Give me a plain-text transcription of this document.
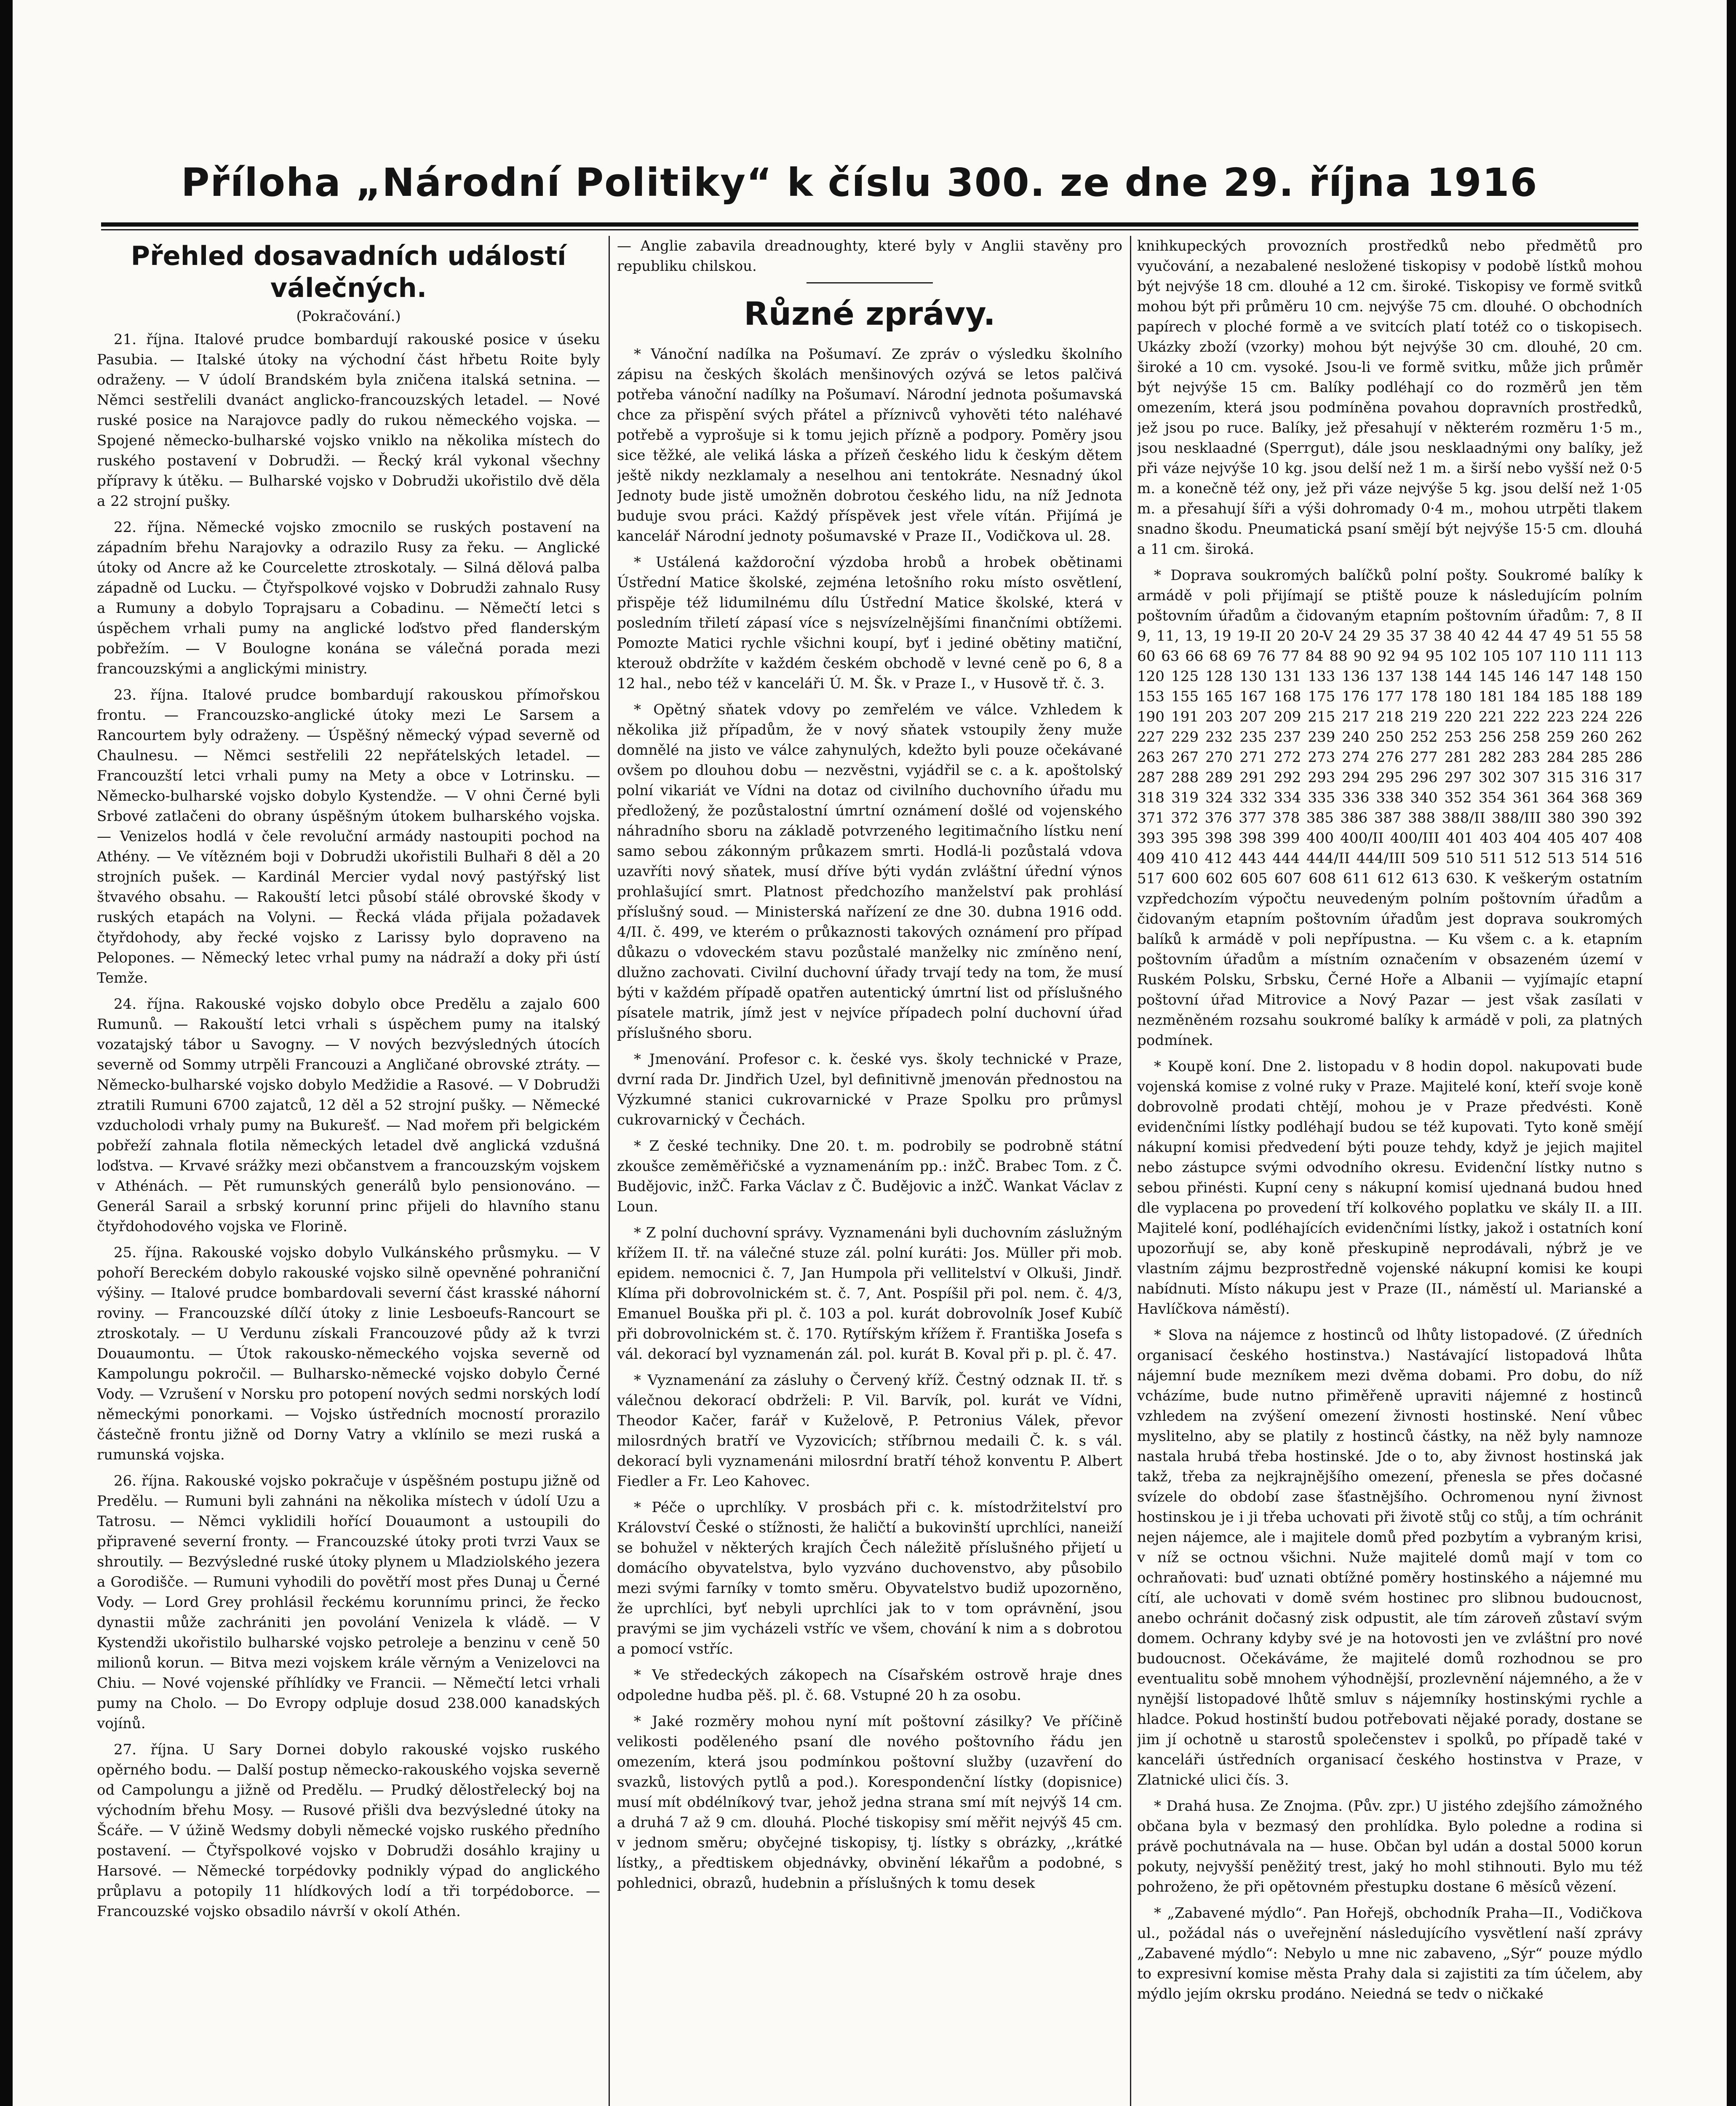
Příloha „Národní Politiky“ k číslu 300. ze dne 29. října 1916
Přehled dosavadních událostí válečných.
(Pokračování.)

21. října. Italové prudce bombardují rakouské posice v úseku Pasubia. — Italské útoky na východní část hřbetu Roite byly odraženy. — V údolí Brandském byla zničena italská setnina. — Němci sestřelili dvanáct anglicko-francouzských letadel. — Nové ruské posice na Narajovce padly do rukou německého vojska. — Spojené německo-bulharské vojsko vniklo na několika místech do ruského postavení v Dobrudži. — Řecký král vykonal všechny přípravy k útěku. — Bulharské vojsko v Dobrudži ukořistilo dvě děla a 22 strojní pušky.

22. října. Německé vojsko zmocnilo se ruských postavení na západním břehu Narajovky a odrazilo Rusy za řeku. — Anglické útoky od Ancre až ke Courcelette ztroskotaly. — Silná dělová palba západně od Lucku. — Čtyřspolkové vojsko v Dobrudži zahnalo Rusy a Rumuny a dobylo Toprajsaru a Cobadinu. — Němečtí letci s úspěchem vrhali pumy na anglické loďstvo před flanderským pobřežím. — V Boulogne konána se válečná porada mezi francouzskými a anglickými ministry.

23. října. Italové prudce bombardují rakouskou přímořskou frontu. — Francouzsko-anglické útoky mezi Le Sarsem a Rancourtem byly odraženy. — Úspěšný německý výpad severně od Chaulnesu. — Němci sestřelili 22 nepřátelských letadel. — Francouzští letci vrhali pumy na Mety a obce v Lotrinsku. — Německo-bulharské vojsko dobylo Kystendže. — V ohni Černé byli Srbové zatlačeni do obrany úspěšným útokem bulharského vojska. — Venizelos hodlá v čele revoluční armády nastoupiti pochod na Athény. — Ve vítězném boji v Dobrudži ukořistili Bulhaři 8 děl a 20 strojních pušek. — Kardinál Mercier vydal nový pastýřský list štvavého obsahu. — Rakouští letci působí stálé obrovské škody v ruských etapách na Volyni. — Řecká vláda přijala požadavek čtyřdohody, aby řecké vojsko z Larissy bylo dopraveno na Pelopones. — Německý letec vrhal pumy na nádraží a doky při ústí Temže.

24. října. Rakouské vojsko dobylo obce Predělu a zajalo 600 Rumunů. — Rakouští letci vrhali s úspěchem pumy na italský vozatajský tábor u Savogny. — V nových bezvýsledných útocích severně od Sommy utrpěli Francouzi a Angličané obrovské ztráty. — Německo-bulharské vojsko dobylo Medžidie a Rasové. — V Dobrudži ztratili Rumuni 6700 zajatců, 12 děl a 52 strojní pušky. — Německé vzducholodi vrhaly pumy na Bukurešť. — Nad mořem při belgickém pobřeží zahnala flotila německých letadel dvě anglická vzdušná loďstva. — Krvavé srážky mezi občanstvem a francouzským vojskem v Athénách. — Pět rumunských generálů bylo pensionováno. — Generál Sarail a srbský korunní princ přijeli do hlavního stanu čtyřdohodového vojska ve Florině.

25. října. Rakouské vojsko dobylo Vulkánského průsmyku. — V pohoří Bereckém dobylo rakouské vojsko silně opevněné pohraniční výšiny. — Italové prudce bombardovali severní část krasské náhorní roviny. — Francouzské dílčí útoky z linie Lesboeufs-Rancourt se ztroskotaly. — U Verdunu získali Francouzové půdy až k tvrzi Douaumontu. — Útok rakousko-německého vojska severně od Kampolungu pokročil. — Bulharsko-německé vojsko dobylo Černé Vody. — Vzrušení v Norsku pro potopení nových sedmi norských lodí německými ponorkami. — Vojsko ústředních mocností prorazilo částečně frontu jižně od Dorny Vatry a vklínilo se mezi ruská a rumunská vojska.

26. října. Rakouské vojsko pokračuje v úspěšném postupu jižně od Predělu. — Rumuni byli zahnáni na několika místech v údolí Uzu a Tatrosu. — Němci vyklidili hořící Douaumont a ustoupili do připravené severní fronty. — Francouzské útoky proti tvrzi Vaux se shroutily. — Bezvýsledné ruské útoky plynem u Mladziolského jezera a Gorodišče. — Rumuni vyhodili do povětří most přes Dunaj u Černé Vody. — Lord Grey prohlásil řeckému korunnímu princi, že řecko dynastii může zachrániti jen povolání Venizela k vládě. — V Kystendži ukořistilo bulharské vojsko petroleje a benzinu v ceně 50 milionů korun. — Bitva mezi vojskem krále věrným a Venizelovci na Chiu. — Nové vojenské příhlídky ve Francii. — Němečtí letci vrhali pumy na Cholo. — Do Evropy odpluje dosud 238.000 kanadských vojínů.

27. října. U Sary Dornei dobylo rakouské vojsko ruského opěrného bodu. — Další postup německo-rakouského vojska severně od Campolungu a jižně od Predělu. — Prudký dělostřelecký boj na východním břehu Mosy. — Rusové přišli dva bezvýsledné útoky na Šcáře. — V úžině Wedsmy dobyli německé vojsko ruského předního postavení. — Čtyřspolkové vojsko v Dobrudži dosáhlo krajiny u Harsové. — Německé torpédovky podnikly výpad do anglického průplavu a potopily 11 hlídkových lodí a tři torpédoborce. — Francouzské vojsko obsadilo návrší v okolí Athén.

— Anglie zabavila dreadnoughty, které byly v Anglii stavěny pro republiku chilskou.

Různé zprávy.

* Vánoční nadílka na Pošumaví. Ze zpráv o výsledku školního zápisu na českých školách menšinových ozývá se letos palčivá potřeba vánoční nadílky na Pošumaví. Národní jednota pošumavská chce za přispění svých přátel a příznivců vyhověti této naléhavé potřebě a vyprošuje si k tomu jejich přízně a podpory. Poměry jsou sice těžké, ale veliká láska a přízeň českého lidu k českým dětem ještě nikdy nezklamaly a neselhou ani tentokráte. Nesnadný úkol Jednoty bude jistě umožněn dobrotou českého lidu, na níž Jednota buduje svou práci. Každý příspěvek jest vřele vítán. Přijímá je kancelář Národní jednoty pošumavské v Praze II., Vodičkova ul. 28.

* Ustálená každoroční výzdoba hrobů a hrobek obětinami Ústřední Matice školské, zejména letošního roku místo osvětlení, přispěje též lidumilnému dílu Ústřední Matice školské, která v posledním třiletí zápasí více s nejsvízelnějšími finančními obtížemi. Pomozte Matici rychle všichni koupí, byť i jediné obětiny matiční, kterouž obdržíte v každém českém obchodě v levné ceně po 6, 8 a 12 hal., nebo též v kanceláři Ú. M. Šk. v Praze I., v Husově tř. č. 3.

* Opětný sňatek vdovy po zemřelém ve válce. Vzhledem k několika již případům, že v nový sňatek vstoupily ženy muže domnělé na jisto ve válce zahynulých, kdežto byli pouze očekávané ovšem po dlouhou dobu — nezvěstni, vyjádřil se c. a k. apoštolský polní vikariát ve Vídni na dotaz od civilního duchovního úřadu mu předložený, že pozůstalostní úmrtní oznámení došlé od vojenského náhradního sboru na základě potvrzeného legitimačního lístku není samo sebou zákonným průkazem smrti. Hodlá-li pozůstalá vdova uzavříti nový sňatek, musí dříve býti vydán zvláštní úřední výnos prohlašující smrt. Platnost předchozího manželství pak prohlásí příslušný soud. — Ministerská nařízení ze dne 30. dubna 1916 odd. 4/II. č. 499, ve kterém o průkaznosti takových oznámení pro případ důkazu o vdoveckém stavu pozůstalé manželky nic zmíněno není, dlužno zachovati. Civilní duchovní úřady trvají tedy na tom, že musí býti v každém případě opatřen autentický úmrtní list od příslušného písatele matrik, jímž jest v nejvíce případech polní duchovní úřad příslušného sboru.

* Jmenování. Profesor c. k. české vys. školy technické v Praze, dvrní rada Dr. Jindřich Uzel, byl definitivně jmenován přednostou na Výzkumné stanici cukrovarnické v Praze Spolku pro průmysl cukrovarnický v Čechách.

* Z české techniky. Dne 20. t. m. podrobily se podrobně státní zkoušce zeměměřičské a vyznamenáním pp.: inžČ. Brabec Tom. z Č. Budějovic, inžČ. Farka Václav z Č. Budějovic a inžČ. Wankat Václav z Loun.

* Z polní duchovní správy. Vyznamenáni byli duchovním záslužným křížem II. tř. na válečné stuze zál. polní kuráti: Jos. Müller při mob. epidem. nemocnici č. 7, Jan Humpola při vellitelství v Olkuši, Jindř. Klíma při dobrovolnickém st. č. 7, Ant. Pospíšil při pol. nem. č. 4/3, Emanuel Bouška při pl. č. 103 a pol. kurát dobrovolník Josef Kubíč při dobrovolnickém st. č. 170. Rytířským křížem ř. Františka Josefa s vál. dekorací byl vyznamenán zál. pol. kurát B. Koval při p. pl. č. 47.

* Vyznamenání za zásluhy o Červený kříž. Čestný odznak II. tř. s válečnou dekorací obdrželi: P. Vil. Barvík, pol. kurát ve Vídni, Theodor Kačer, farář v Kuželově, P. Petronius Válek, převor milosrdných bratří ve Vyzovicích; stříbrnou medaili Č. k. s vál. dekorací byli vyznamenáni milosrdní bratří téhož konventu P. Albert Fiedler a Fr. Leo Kahovec.

* Péče o uprchlíky. V prosbách při c. k. místodržitelství pro Království České o stížnosti, že haličtí a bukovinští uprchlíci, naneiží se bohužel v některých krajích Čech náležitě příslušného přijetí u domácího obyvatelstva, bylo vyzváno duchovenstvo, aby působilo mezi svými farníky v tomto směru. Obyvatelstvo budiž upozorněno, že uprchlíci, byť nebyli uprchlíci jak to v tom oprávnění, jsou pravými se jim vycházeli vstříc ve všem, chování k nim a s dobrotou a pomocí vstříc.

* Ve středeckých zákopech na Císařském ostrově hraje dnes odpoledne hudba pěš. pl. č. 68. Vstupné 20 h za osobu.

* Jaké rozměry mohou nyní mít poštovní zásilky? Ve příčině velikosti poděleného psaní dle nového poštovního řádu jen omezením, která jsou podmínkou poštovní služby (uzavření do svazků, listových pytlů a pod.). Korespondenční lístky (dopisnice) musí mít obdélníkový tvar, jehož jedna strana smí mít nejvýš 14 cm. a druhá 7 až 9 cm. dlouhá. Ploché tiskopisy smí měřit nejvýš 45 cm. v jednom směru; obyčejné tiskopisy, tj. lístky s obrázky, ,,krátké lístky,, a předtiskem objednávky, obvinění lékařům a podobné, s pohlednici, obrazů, hudebnin a příslušných k tomu desek

knihkupeckých provozních prostředků nebo předmětů pro vyučování, a nezabalené nesložené tiskopisy v podobě lístků mohou být nejvýše 18 cm. dlouhé a 12 cm. široké. Tiskopisy ve formě svitků mohou být při průměru 10 cm. nejvýše 75 cm. dlouhé. O obchodních papírech v ploché formě a ve svitcích platí totéž co o tiskopisech. Ukázky zboží (vzorky) mohou být nejvýše 30 cm. dlouhé, 20 cm. široké a 10 cm. vysoké. Jsou-li ve formě svitku, může jich průměr být nejvýše 15 cm. Balíky podléhají co do rozměrů jen těm omezením, která jsou podmíněna povahou dopravních prostředků, jež jsou po ruce. Balíky, jež přesahují v některém rozměru 1·5 m., jsou nesklaadné (Sperrgut), dále jsou nesklaadnými ony balíky, jež při váze nejvýše 10 kg. jsou delší než 1 m. a širší nebo vyšší než 0·5 m. a konečně též ony, jež při váze nejvýše 5 kg. jsou delší než 1·05 m. a přesahují šíři a výši dohromady 0·4 m., mohou utrpěti tlakem snadno škodu. Pneumatická psaní smějí být nejvýše 15·5 cm. dlouhá a 11 cm. široká.

* Doprava soukromých balíčků polní pošty. Soukromé balíky k armádě v poli přijímají se ptiště pouze k následujícím polním poštovním úřadům a čidovaným etapním poštovním úřadům: 7, 8 II 9, 11, 13, 19 19-II 20 20-V 24 29 35 37 38 40 42 44 47 49 51 55 58 60 63 66 68 69 76 77 84 88 90 92 94 95 102 105 107 110 111 113 120 125 128 130 131 133 136 137 138 144 145 146 147 148 150 153 155 165 167 168 175 176 177 178 180 181 184 185 188 189 190 191 203 207 209 215 217 218 219 220 221 222 223 224 226 227 229 232 235 237 239 240 250 252 253 256 258 259 260 262 263 267 270 271 272 273 274 276 277 281 282 283 284 285 286 287 288 289 291 292 293 294 295 296 297 302 307 315 316 317 318 319 324 332 334 335 336 338 340 352 354 361 364 368 369 371 372 376 377 378 385 386 387 388 388/II 388/III 380 390 392 393 395 398 398 399 400 400/II 400/III 401 403 404 405 407 408 409 410 412 443 444 444/II 444/III 509 510 511 512 513 514 516 517 600 602 605 607 608 611 612 613 630. K veškerým ostatním vzpředchozím výpočtu neuvedeným polním poštovním úřadům a čidovaným etapním poštovním úřadům jest doprava soukromých balíků k armádě v poli nepřípustna. — Ku všem c. a k. etapním poštovním úřadům a místním označením v obsazeném území v Ruském Polsku, Srbsku, Černé Hoře a Albanii — vyjímajíc etapní poštovní úřad Mitrovice a Nový Pazar — jest však zasílati v nezměněném rozsahu soukromé balíky k armádě v poli, za platných podmínek.

* Koupě koní. Dne 2. listopadu v 8 hodin dopol. nakupovati bude vojenská komise z volné ruky v Praze. Majitelé koní, kteří svoje koně dobrovolně prodati chtějí, mohou je v Praze předvésti. Koně evidenčními lístky podléhají budou se též kupovati. Tyto koně smějí nákupní komisi předvedení býti pouze tehdy, když je jejich majitel nebo zástupce svými odvodního okresu. Evidenční lístky nutno s sebou přinésti. Kupní ceny s nákupní komisí ujednaná budou hned dle vyplacena po provedení tří kolkového poplatku ve skály II. a III. Majitelé koní, podléhajících evidenčními lístky, jakož i ostatních koní upozorňují se, aby koně přeskupině neprodávali, nýbrž je ve vlastním zájmu bezprostředně vojenské nákupní komisi ke koupi nabídnuti. Místo nákupu jest v Praze (II., náměstí ul. Marianské a Havlíčkova náměstí).

* Slova na nájemce z hostinců od lhůty listopadové. (Z úředních organisací českého hostinstva.) Nastávající listopadová lhůta nájemní bude mezníkem mezi dvěma dobami. Pro dobu, do níž vcházíme, bude nutno přiměřeně upraviti nájemné z hostinců vzhledem na zvýšení omezení živnosti hostinské. Není vůbec myslitelno, aby se platily z hostinců částky, na něž byly namnoze nastala hrubá třeba hostinské. Jde o to, aby živnost hostinská jak takž, třeba za nejkrajnějšího omezení, přenesla se přes dočasné svízele do období zase šťastnějšího. Ochromenou nyní živnost hostinskou je i ji třeba uchovati při životě stůj co stůj, a tím ochránit nejen nájemce, ale i majitele domů před pozbytím a vybraným krisi, v níž se octnou všichni. Nuže majitelé domů mají v tom co ochraňovati: buď uznati obtížné poměry hostinského a nájemné mu cítí, ale uchovati v domě svém hostinec pro slibnou budoucnost, anebo ochránit dočasný zisk odpustit, ale tím zároveň zůstaví svým domem. Ochrany kdyby své je na hotovosti jen ve zvláštní pro nové budoucnost. Očekáváme, že majitelé domů rozhodnou se pro eventualitu sobě mnohem výhodnější, prozlevnění nájemného, a že v nynější listopadové lhůtě smluv s nájemníky hostinskými rychle a hladce. Pokud hostinští budou potřebovati nějaké porady, dostane se jim jí ochotně u starostů společenstev i spolků, po případě také v kanceláři ústředních organisací českého hostinstva v Praze, v Zlatnické ulici čís. 3.

* Drahá husa. Ze Znojma. (Pův. zpr.) U jistého zdejšího zámožného občana byla v bezmasý den prohlídka. Bylo poledne a rodina si právě pochutnávala na — huse. Občan byl udán a dostal 5000 korun pokuty, nejvyšší peněžitý trest, jaký ho mohl stihnouti. Bylo mu též pohroženo, že při opětovném přestupku dostane 6 měsíců vězení.

* „Zabavené mýdlo“. Pan Hořejš, obchodník Praha—II., Vodičkova ul., požádal nás o uveřejnění následujícího vysvětlení naší zprávy „Zabavené mýdlo“: Nebylo u mne nic zabaveno, „Sýr“ pouze mýdlo to expresivní komise města Prahy dala si zajistiti za tím účelem, aby mýdlo jejím okrsku prodáno. Neiedná se tedv o ničkaké
